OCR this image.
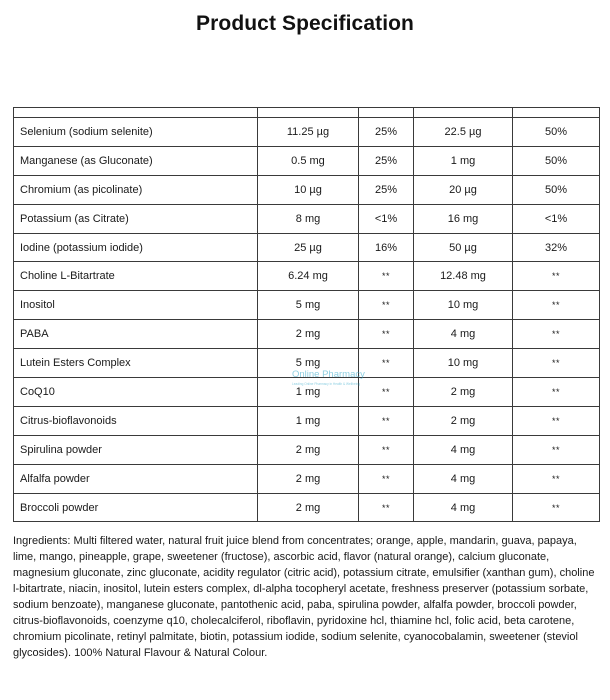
Product Specification

Selenium (sodium selenite)	11.25 µg	25%	22.5 µg	50%
Manganese (as Gluconate)	0.5 mg	25%	1 mg	50%
Chromium (as picolinate)	10 µg	25%	20 µg	50%
Potassium (as Citrate)	8 mg	<1%	16 mg	<1%
Iodine (potassium iodide)	25 µg	16%	50 µg	32%
Choline L-Bitartrate	6.24 mg	**	12.48 mg	**
Inositol	5 mg	**	10 mg	**
PABA	2 mg	**	4 mg	**
Lutein Esters Complex	5 mg	**	10 mg	**
CoQ10	1 mg	**	2 mg	**
Citrus-bioflavonoids	1 mg	**	2 mg	**
Spirulina powder	2 mg	**	4 mg	**
Alfalfa powder	2 mg	**	4 mg	**
Broccoli powder	2 mg	**	4 mg	**
Online Pharmacy
Leading Online Pharmacy in Health & Wellbeing

Ingredients: Multi filtered water, natural fruit juice blend from concentrates; orange, apple, mandarin, guava, papaya, lime, mango, pineapple, grape, sweetener (fructose), ascorbic acid, flavor (natural orange), calcium gluconate, magnesium gluconate, zinc gluconate, acidity regulator (citric acid), potassium citrate, emulsifier (xanthan gum), choline l-bitartrate, niacin, inositol, lutein esters complex, dl-alpha tocopheryl acetate, freshness preserver (potassium sorbate, sodium benzoate), manganese gluconate, pantothenic acid, paba, spirulina powder, alfalfa powder, broccoli powder, citrus-bioflavonoids, coenzyme q10, cholecalciferol, riboflavin, pyridoxine hcl, thiamine hcl, folic acid, beta carotene, chromium picolinate, retinyl palmitate, biotin, potassium iodide, sodium selenite, cyanocobalamin, sweetener (steviol glycosides). 100% Natural Flavour & Natural Colour.
